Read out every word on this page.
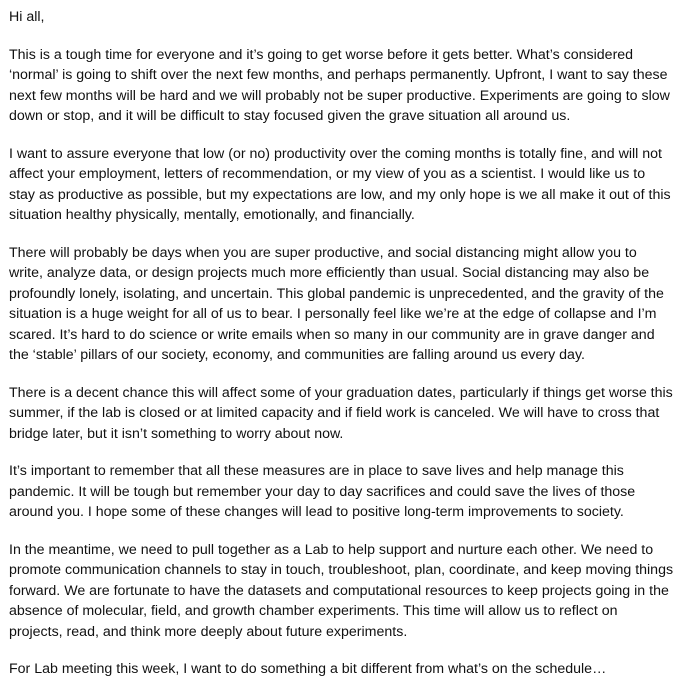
Hi all,

This is a tough time for everyone and it’s going to get worse before it gets better. What’s considered ‘normal’ is going to shift over the next few months, and perhaps permanently. Upfront, I want to say these next few months will be hard and we will probably not be super productive. Experiments are going to slow down or stop, and it will be difficult to stay focused given the grave situation all around us.

I want to assure everyone that low (or no) productivity over the coming months is totally fine, and will not affect your employment, letters of recommendation, or my view of you as a scientist. I would like us to stay as productive as possible, but my expectations are low, and my only hope is we all make it out of this situation healthy physically, mentally, emotionally, and financially.

There will probably be days when you are super productive, and social distancing might allow you to write, analyze data, or design projects much more efficiently than usual. Social distancing may also be profoundly lonely, isolating, and uncertain. This global pandemic is unprecedented, and the gravity of the situation is a huge weight for all of us to bear. I personally feel like we’re at the edge of collapse and I’m scared. It’s hard to do science or write emails when so many in our community are in grave danger and the ‘stable’ pillars of our society, economy, and communities are falling around us every day.

There is a decent chance this will affect some of your graduation dates, particularly if things get worse this summer, if the lab is closed or at limited capacity and if field work is canceled. We will have to cross that bridge later, but it isn’t something to worry about now.

It’s important to remember that all these measures are in place to save lives and help manage this pandemic. It will be tough but remember your day to day sacrifices and could save the lives of those around you. I hope some of these changes will lead to positive long-term improvements to society.

In the meantime, we need to pull together as a Lab to help support and nurture each other. We need to promote communication channels to stay in touch, troubleshoot, plan, coordinate, and keep moving things forward. We are fortunate to have the datasets and computational resources to keep projects going in the absence of molecular, field, and growth chamber experiments. This time will allow us to reflect on projects, read, and think more deeply about future experiments.

For Lab meeting this week, I want to do something a bit different from what’s on the schedule…
